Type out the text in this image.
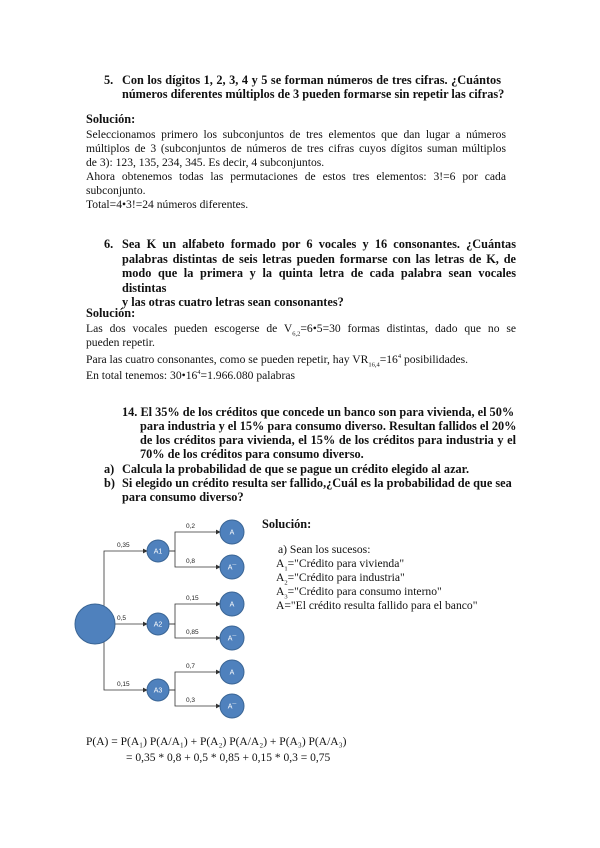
5. Con los dígitos 1, 2, 3, 4 y 5 se forman números de tres cifras. ¿Cuántos
números diferentes múltiplos de 3 pueden formarse sin repetir las cifras?
Solución:
Seleccionamos primero los subconjuntos de tres elementos que dan lugar a números
múltiplos de 3 (subconjuntos de números de tres cifras cuyos dígitos suman múltiplos
de 3): 123, 135, 234, 345. Es decir, 4 subconjuntos.
Ahora obtenemos todas las permutaciones de estos tres elementos: 3!=6 por cada
subconjunto.
Total=4•3!=24 números diferentes.
6. Sea K un alfabeto formado por 6 vocales y 16 consonantes. ¿Cuántas
palabras distintas de seis letras pueden formarse con las letras de K, de
modo que la primera y la quinta letra de cada palabra sean vocales distintas
y las otras cuatro letras sean consonantes?
Solución:
Las dos vocales pueden escogerse de $V_{6,2}=6•5=30$ formas distintas, dado que no se
pueden repetir.
Para las cuatro consonantes, como se pueden repetir, hay $VR_{16,4}=16^4$ posibilidades.
En total tenemos: $30•16^4=1.966.080$ palabras
14. El 35% de los créditos que concede un banco son para vivienda, el 50%
para industria y el 15% para consumo diverso. Resultan fallidos el 20%
de los créditos para vivienda, el 15% de los créditos para industria y el
70% de los créditos para consumo diverso.
a) Calcula la probabilidad de que se pague un crédito elegido al azar.
b) Si elegido un crédito resulta ser fallido,¿Cuál es la probabilidad de que sea
para consumo diverso?
Solución:
a) Sean los sucesos:
$A_1="Crédito$ para vivienda"
$A_2="Crédito$ para industria"
$A_3="Crédito$ para consumo interno"
A="El crédito resulta fallido para el banco"
A1
A2
A3
A
A¯
A
A¯
A
A¯
0,35
0,5
0,15
0,2
0,8
0,15
0,85
0,7
0,3
P(A) = P(A₁) P(A/A₁) + P(A₂) P(A/A₂) + P(A₃) P(A/A₃)
= 0,35 * 0,8 + 0,5 * 0,85 + 0,15 * 0,3 = 0,75
